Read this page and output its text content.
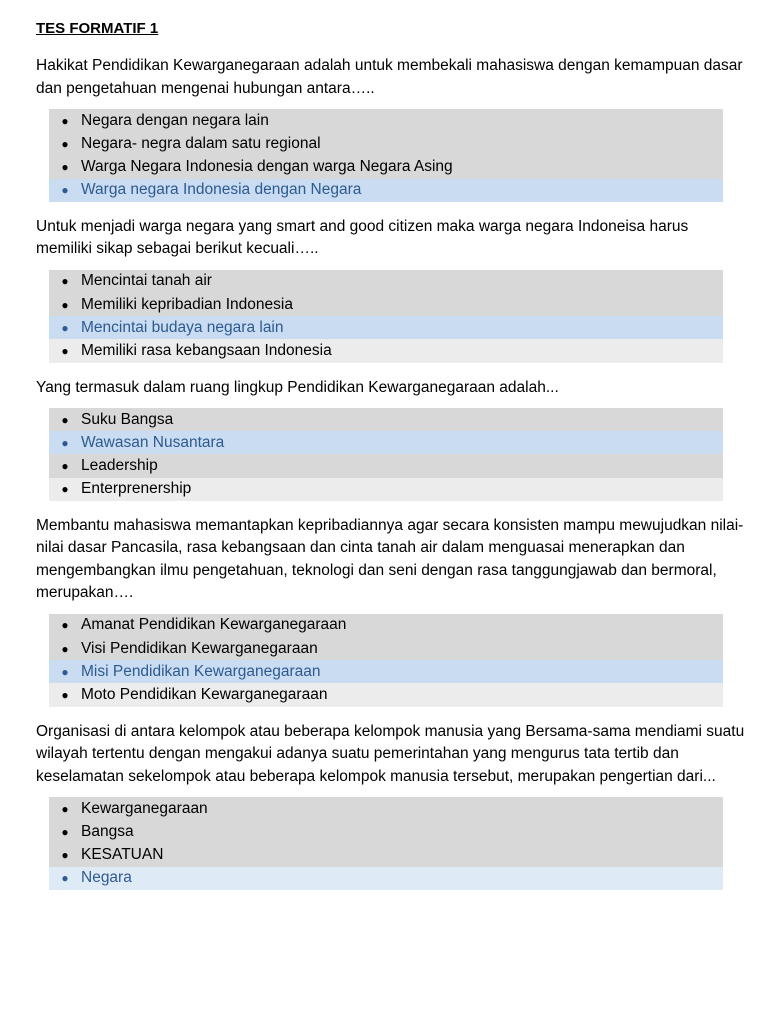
TES FORMATIF 1
Hakikat Pendidikan Kewarganegaraan adalah untuk membekali mahasiswa dengan kemampuan dasar dan pengetahuan mengenai hubungan antara…..
● Negara dengan negara lain
● Negara- negra dalam satu regional
● Warga Negara Indonesia dengan warga Negara Asing
● Warga negara Indonesia dengan Negara
Untuk menjadi warga negara yang smart and good citizen maka warga negara Indoneisa harus memiliki sikap sebagai berikut kecuali…..
● Mencintai tanah air
● Memiliki kepribadian Indonesia
● Mencintai budaya negara lain
● Memiliki rasa kebangsaan Indonesia
Yang termasuk dalam ruang lingkup Pendidikan Kewarganegaraan adalah...
● Suku Bangsa
● Wawasan Nusantara
● Leadership
● Enterprenership
Membantu mahasiswa memantapkan kepribadiannya agar secara konsisten mampu mewujudkan nilai-nilai dasar Pancasila, rasa kebangsaan dan cinta tanah air dalam menguasai menerapkan dan mengembangkan ilmu pengetahuan, teknologi dan seni dengan rasa tanggungjawab dan bermoral, merupakan….
● Amanat Pendidikan Kewarganegaraan
● Visi Pendidikan Kewarganegaraan
● Misi Pendidikan Kewarganegaraan
● Moto Pendidikan Kewarganegaraan
Organisasi di antara kelompok atau beberapa kelompok manusia yang Bersama-sama mendiami suatu wilayah tertentu dengan mengakui adanya suatu pemerintahan yang mengurus tata tertib dan keselamatan sekelompok atau beberapa kelompok manusia tersebut, merupakan pengertian dari...
● Kewarganegaraan
● Bangsa
● KESATUAN
● Negara
